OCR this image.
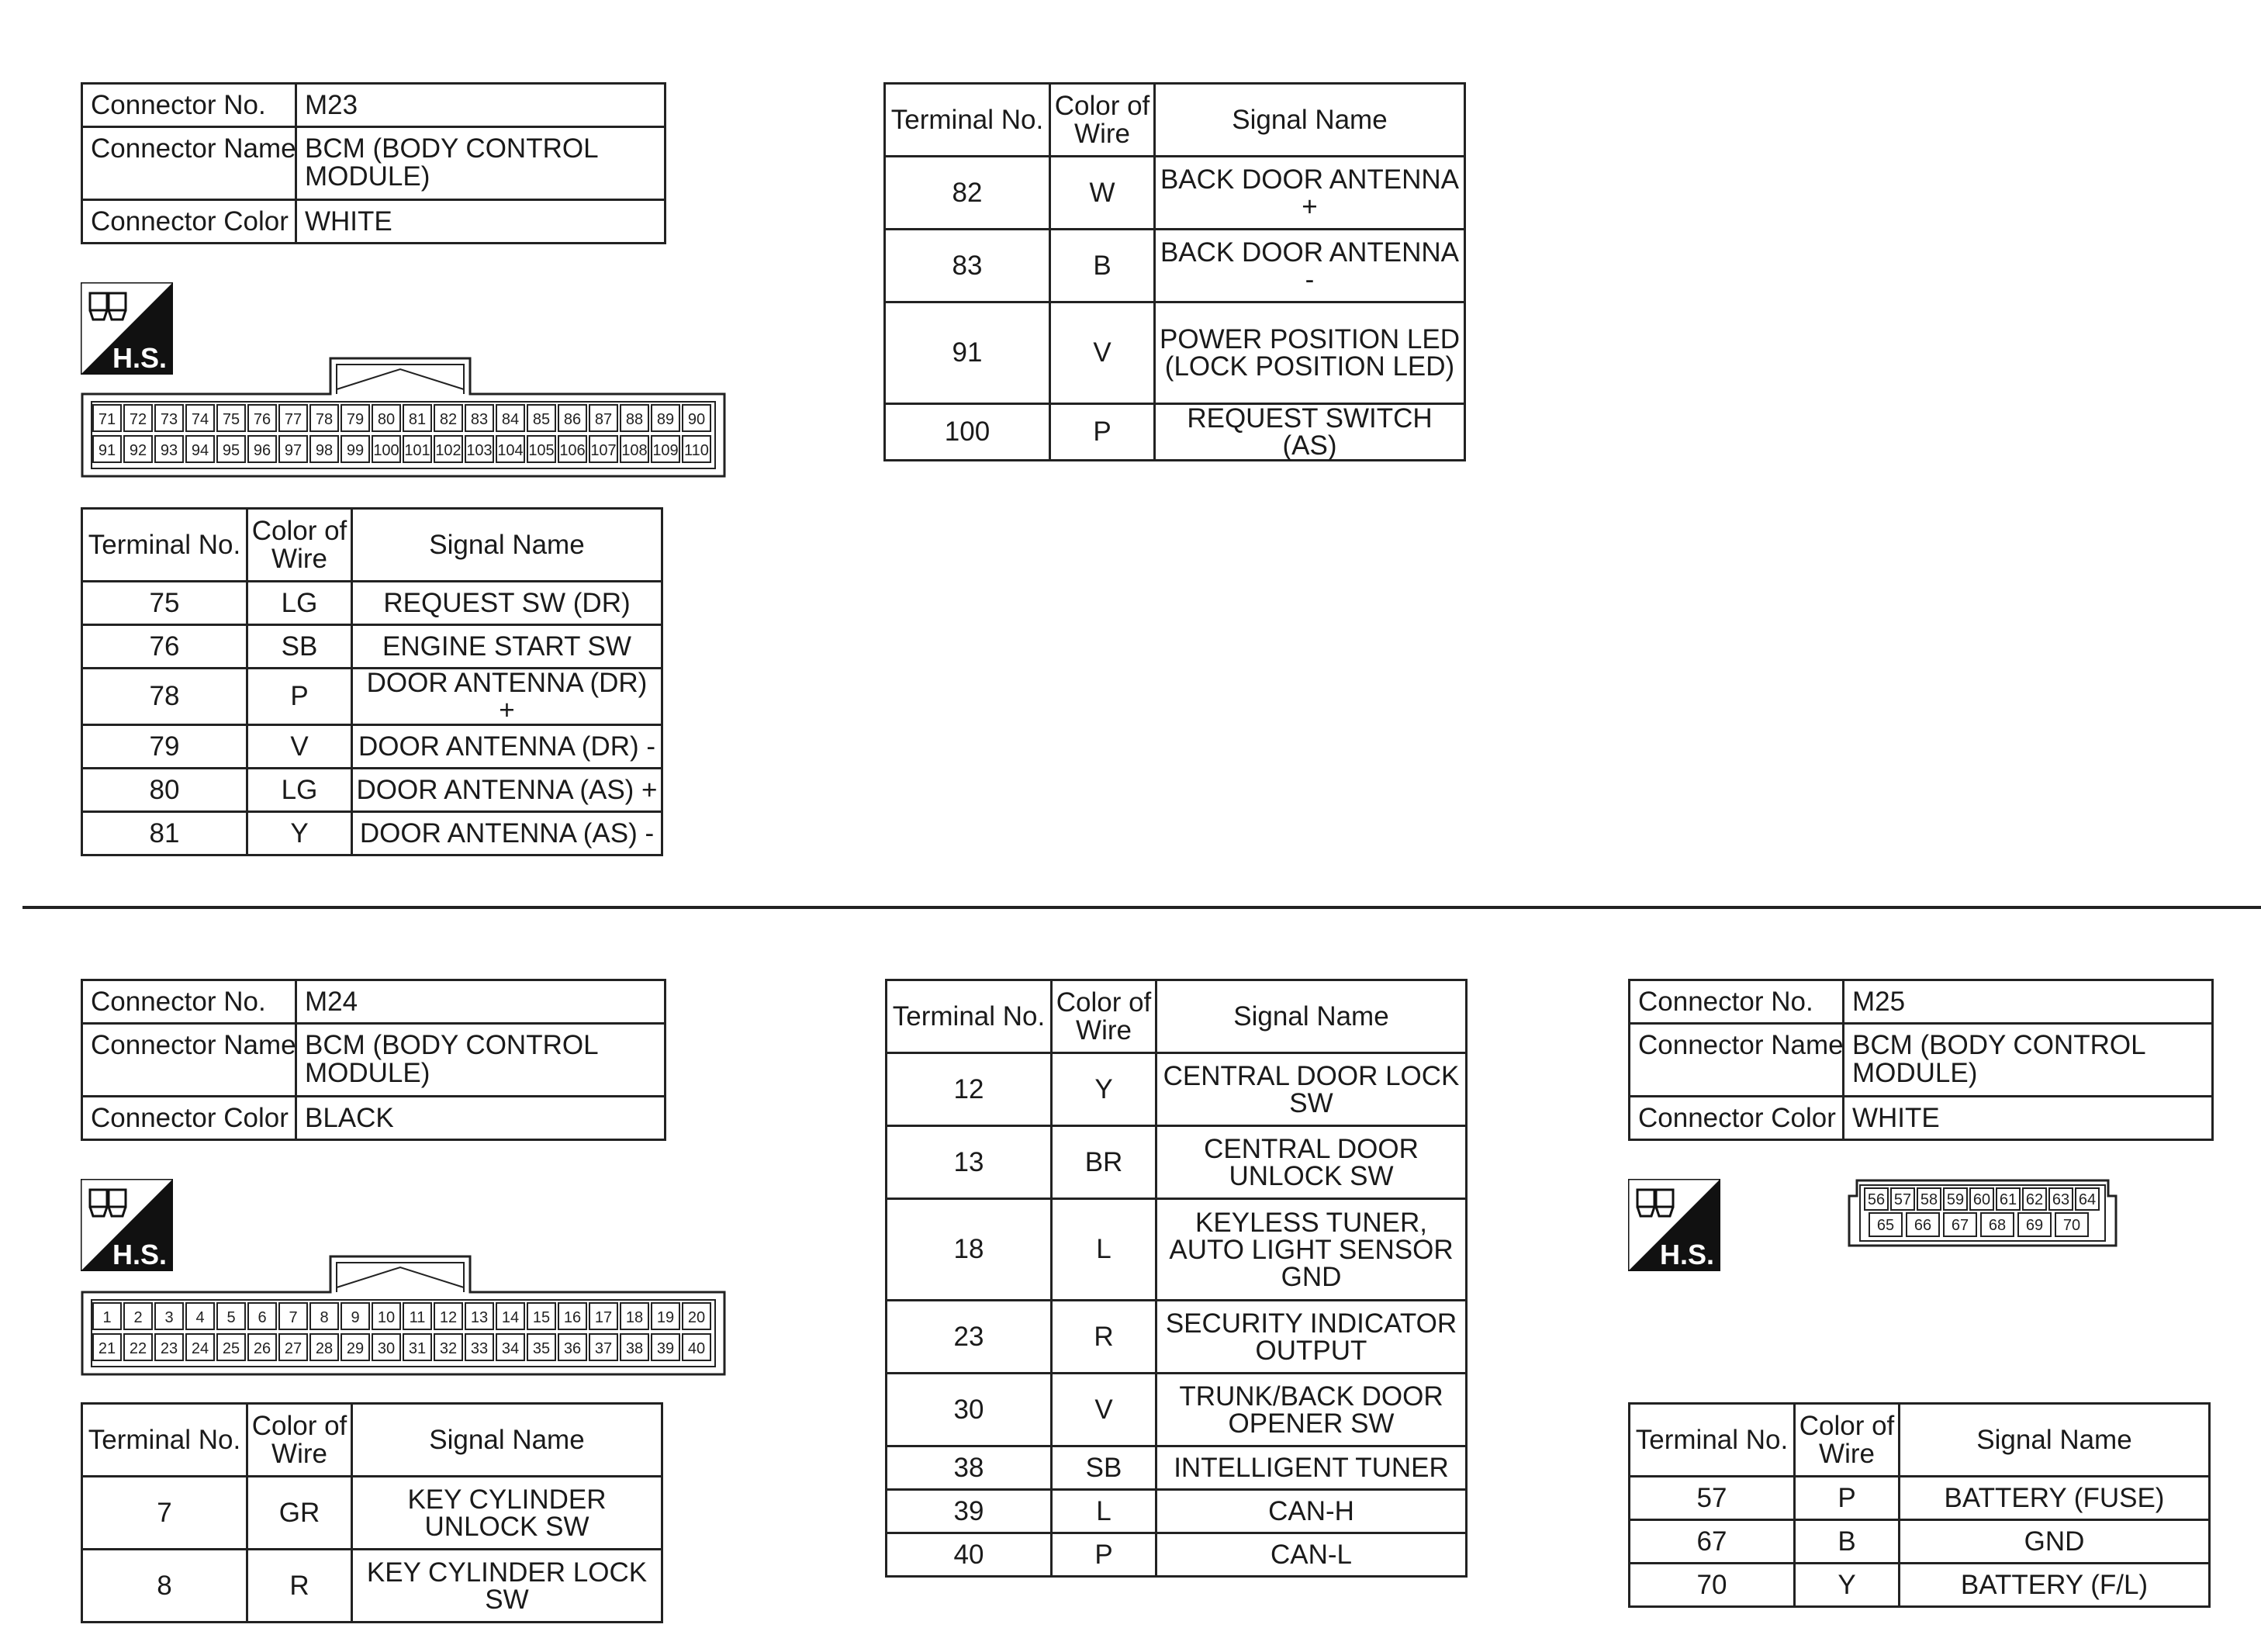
Connector No.	M23
Connector Name	BCM (BODY CONTROL MODULE)
Connector Color	WHITE
H.S.
71 72 73 74 75 76 77 78 79 80 81 82 83 84 85 86 87 88 89 90
91 92 93 94 95 96 97 98 99 100 101 102 103 104 105 106 107 108 109 110
Terminal No.	Color of Wire	Signal Name
75	LG	REQUEST SW (DR)
76	SB	ENGINE START SW
78	P	DOOR ANTENNA (DR) +
79	V	DOOR ANTENNA (DR) -
80	LG	DOOR ANTENNA (AS) +
81	Y	DOOR ANTENNA (AS) -
Terminal No.	Color of Wire	Signal Name
82	W	BACK DOOR ANTENNA +
83	B	BACK DOOR ANTENNA -
91	V	POWER POSITION LED (LOCK POSITION LED)
100	P	REQUEST SWITCH (AS)
Connector No.	M24
Connector Name	BCM (BODY CONTROL MODULE)
Connector Color	BLACK
H.S.
1 2 3 4 5 6 7 8 9 10 11 12 13 14 15 16 17 18 19 20
21 22 23 24 25 26 27 28 29 30 31 32 33 34 35 36 37 38 39 40
Terminal No.	Color of Wire	Signal Name
7	GR	KEY CYLINDER UNLOCK SW
8	R	KEY CYLINDER LOCK SW
Terminal No.	Color of Wire	Signal Name
12	Y	CENTRAL DOOR LOCK SW
13	BR	CENTRAL DOOR UNLOCK SW
18	L	KEYLESS TUNER, AUTO LIGHT SENSOR GND
23	R	SECURITY INDICATOR OUTPUT
30	V	TRUNK/BACK DOOR OPENER SW
38	SB	INTELLIGENT TUNER
39	L	CAN-H
40	P	CAN-L
Connector No.	M25
Connector Name	BCM (BODY CONTROL MODULE)
Connector Color	WHITE
H.S.
56 57 58 59 60 61 62 63 64
65 66 67 68 69 70
Terminal No.	Color of Wire	Signal Name
57	P	BATTERY (FUSE)
67	B	GND
70	Y	BATTERY (F/L)
